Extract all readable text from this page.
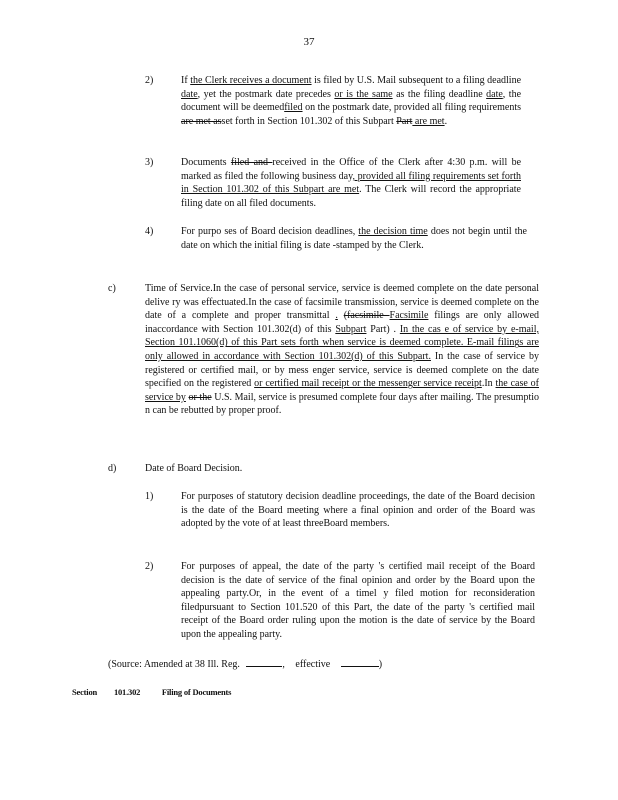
37
2)	If the Clerk receives a document is filed by U.S. Mail subsequent to a filing deadline date, yet the postmark date precedes or is the same as the filing deadline date, the document will be deemedfiled on the postmark date, provided all filing requirements are met asset forth in Section 101.302 of this Subpart Part are met.
3)	Documents filed and received in the Office of the Clerk after 4:30 p.m. will be marked as filed the following business day, provided all filing requirements set forth in Section 101.302 of this Subpart are met. The Clerk will record the appropriate filing date on all filed documents.
4)	For purpo ses of Board decision deadlines, the decision time does not begin until the date on which the initial filing is date -stamped by the Clerk.
c)	Time of Service.In the case of personal service, service is deemed complete on the date personal delive ry was effectuated.In the case of facsimile transmission, service is deemed complete on the date of a complete and proper transmittal . (facsimile Facsimile filings are only allowed inaccordance with Section 101.302(d) of this Subpart Part) . In the cas e of service by e-mail, Section 101.1060(d) of this Part sets forth when service is deemed complete. E-mail filings are only allowed in accordance with Section 101.302(d) of this Subpart. In the case of service by registered or certified mail, or by mess enger service, service is deemed complete on the date specified on the registered or certified mail receipt or the messenger service receipt.In the case of service by or the U.S. Mail, service is presumed complete four days after mailing. The presumptio n can be rebutted by proper proof.
d)	Date of Board Decision.
1)	For purposes of statutory decision deadline proceedings, the date of the Board decision is the date of the Board meeting where a final opinion and order of the Board was adopted by the vote of at least threeBoard members.
2)	For purposes of appeal, the date of the party 's certified mail receipt of the Board decision is the date of service of the final opinion and order by the Board upon the appealing party.Or, in the event of a timel y filed motion for reconsideration filedpursuant to Section 101.520 of this Part, the date of the party 's certified mail receipt of the Board order ruling upon the motion is the date of service by the Board upon the appealing party.
(Source: Amended at 38 Ill. Reg.	, effective	)
Section 101.302	Filing of Documents
